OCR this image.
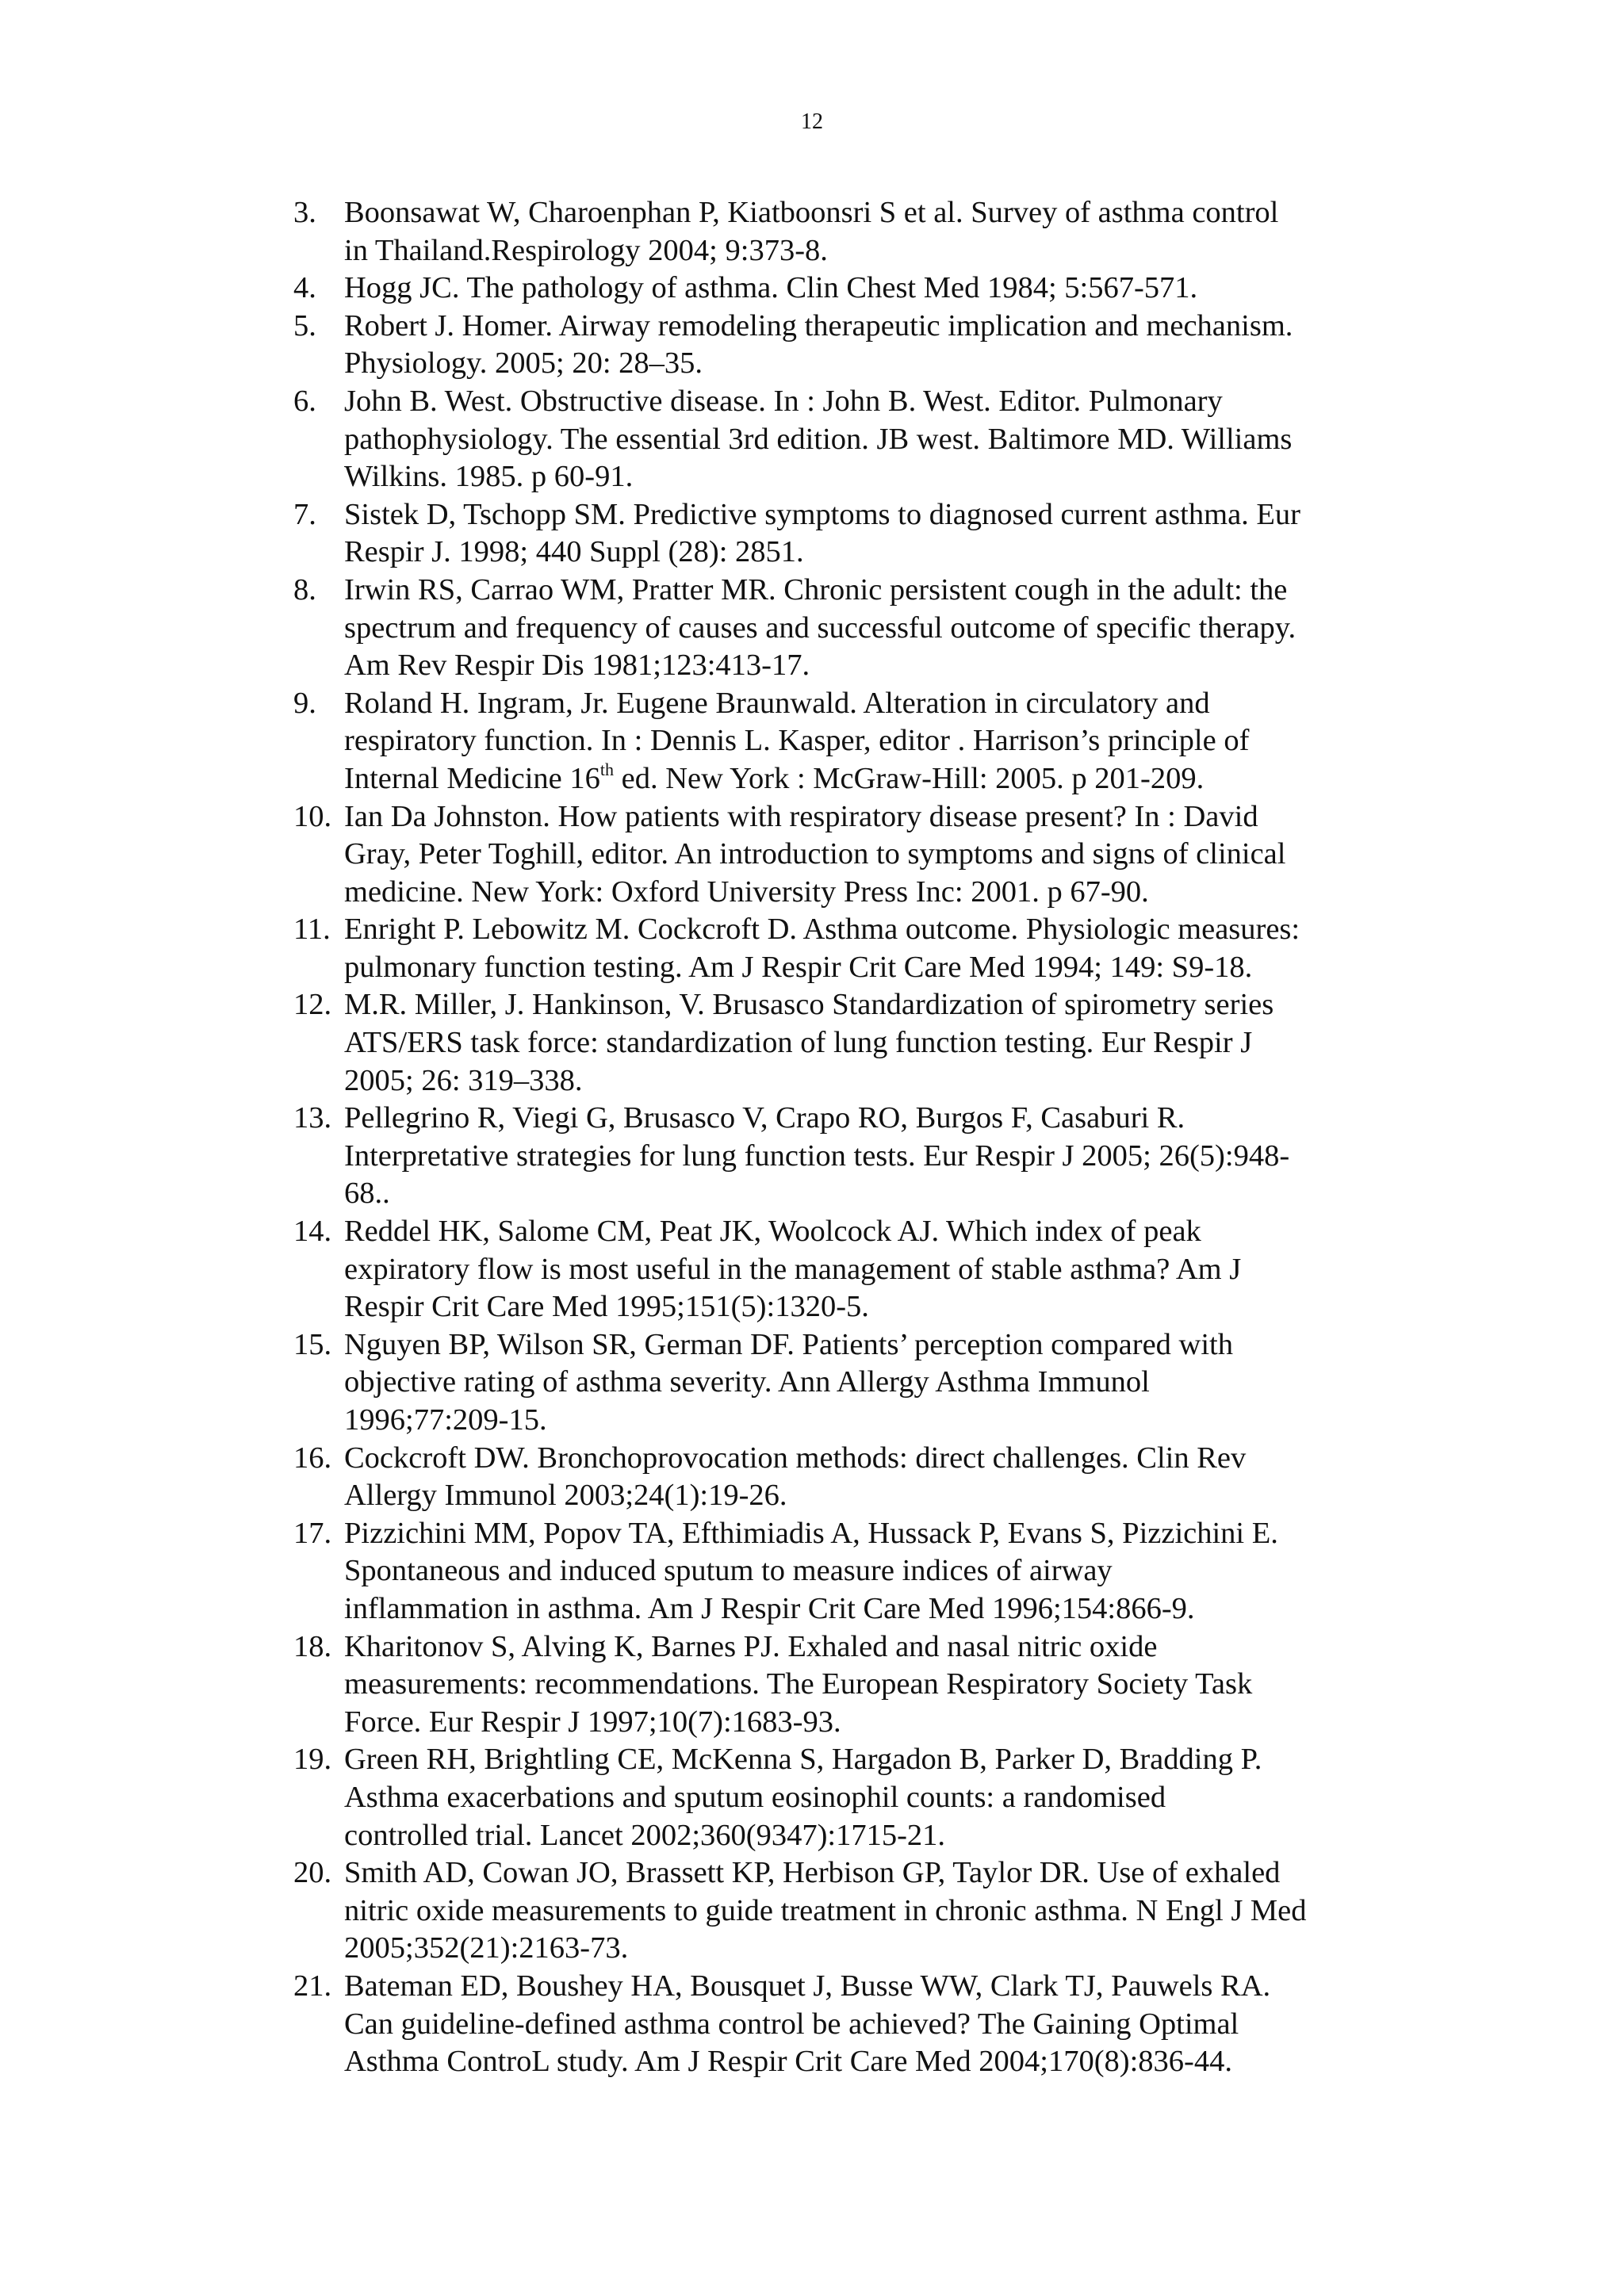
12
3. Boonsawat W, Charoenphan P, Kiatboonsri S et al. Survey of asthma control
in Thailand.Respirology 2004; 9:373-8.
4. Hogg JC. The pathology of asthma. Clin Chest Med 1984; 5:567-571.
5. Robert J. Homer. Airway remodeling therapeutic implication and mechanism.
Physiology. 2005; 20: 28–35.
6. John B. West. Obstructive disease. In : John B. West. Editor. Pulmonary
pathophysiology. The essential 3rd edition. JB west. Baltimore MD. Williams
Wilkins. 1985. p 60-91.
7. Sistek D, Tschopp SM. Predictive symptoms to diagnosed current asthma. Eur
Respir J. 1998; 440 Suppl (28): 2851.
8. Irwin RS, Carrao WM, Pratter MR. Chronic persistent cough in the adult: the
spectrum and frequency of causes and successful outcome of specific therapy.
Am Rev Respir Dis 1981;123:413-17.
9. Roland H. Ingram, Jr. Eugene Braunwald. Alteration in circulatory and
respiratory function. In : Dennis L. Kasper, editor . Harrison’s principle of
Internal Medicine 16th ed. New York : McGraw-Hill: 2005. p 201-209.
10. Ian Da Johnston. How patients with respiratory disease present? In : David
Gray, Peter Toghill, editor. An introduction to symptoms and signs of clinical
medicine. New York: Oxford University Press Inc: 2001. p 67-90.
11. Enright P. Lebowitz M. Cockcroft D. Asthma outcome. Physiologic measures:
pulmonary function testing. Am J Respir Crit Care Med 1994; 149: S9-18.
12. M.R. Miller, J. Hankinson, V. Brusasco Standardization of spirometry series
ATS/ERS task force: standardization of lung function testing. Eur Respir J
2005; 26: 319–338.
13. Pellegrino R, Viegi G, Brusasco V, Crapo RO, Burgos F, Casaburi R.
Interpretative strategies for lung function tests. Eur Respir J 2005; 26(5):948-
68..
14. Reddel HK, Salome CM, Peat JK, Woolcock AJ. Which index of peak
expiratory flow is most useful in the management of stable asthma? Am J
Respir Crit Care Med 1995;151(5):1320-5.
15. Nguyen BP, Wilson SR, German DF. Patients’ perception compared with
objective rating of asthma severity. Ann Allergy Asthma Immunol
1996;77:209-15.
16. Cockcroft DW. Bronchoprovocation methods: direct challenges. Clin Rev
Allergy Immunol 2003;24(1):19-26.
17. Pizzichini MM, Popov TA, Efthimiadis A, Hussack P, Evans S, Pizzichini E.
Spontaneous and induced sputum to measure indices of airway
inflammation in asthma. Am J Respir Crit Care Med 1996;154:866-9.
18. Kharitonov S, Alving K, Barnes PJ. Exhaled and nasal nitric oxide
measurements: recommendations. The European Respiratory Society Task
Force. Eur Respir J 1997;10(7):1683-93.
19. Green RH, Brightling CE, McKenna S, Hargadon B, Parker D, Bradding P.
Asthma exacerbations and sputum eosinophil counts: a randomised
controlled trial. Lancet 2002;360(9347):1715-21.
20. Smith AD, Cowan JO, Brassett KP, Herbison GP, Taylor DR. Use of exhaled
nitric oxide measurements to guide treatment in chronic asthma. N Engl J Med
2005;352(21):2163-73.
21. Bateman ED, Boushey HA, Bousquet J, Busse WW, Clark TJ, Pauwels RA.
Can guideline-defined asthma control be achieved? The Gaining Optimal
Asthma ControL study. Am J Respir Crit Care Med 2004;170(8):836-44.
